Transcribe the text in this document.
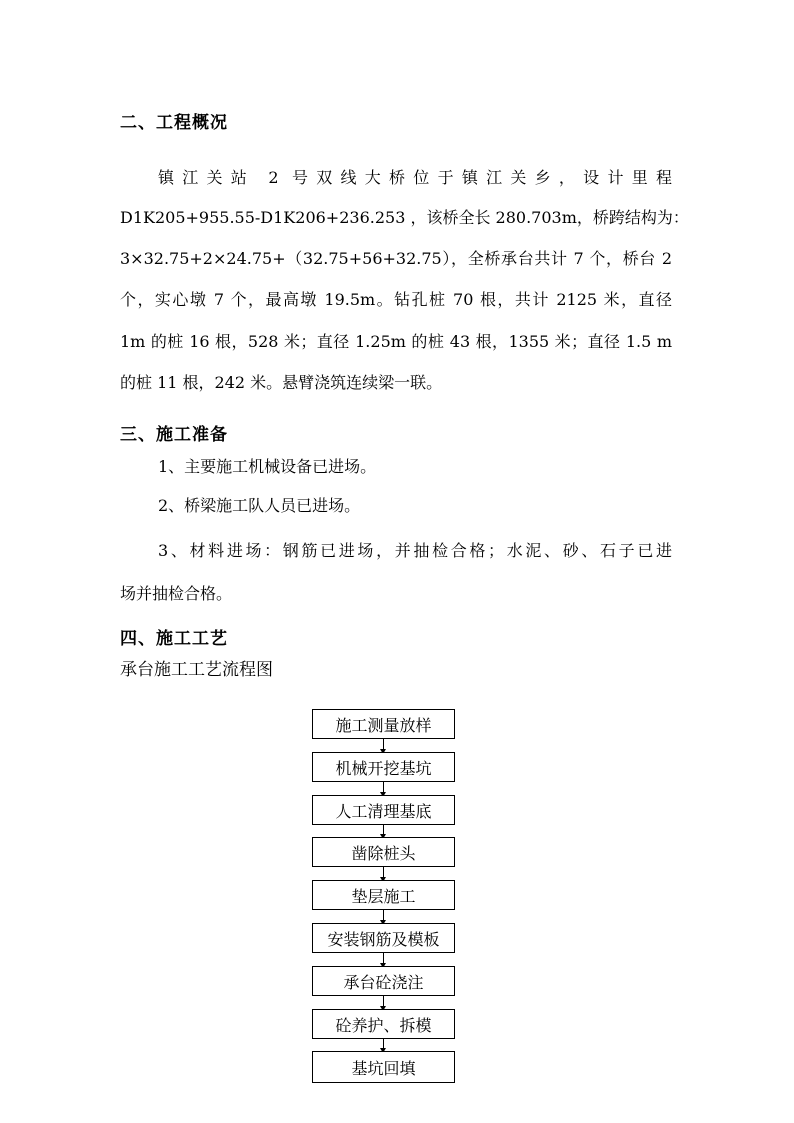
二、工程概况
镇江关站 2 号双线大桥位于镇江关乡，设计里程
D1K205+955.55-D1K206+236.253 ，该桥全长 280.703m，桥跨结构为：
3×32.75+2×24.75+（32.75+56+32.75），全桥承台共计 7 个，桥台 2
个，实心墩 7 个，最高墩 19.5m。钻孔桩 70 根，共计 2125 米，直径
1m 的桩 16 根，528 米；直径 1.25m 的桩 43 根，1355 米；直径 1.5 m
的桩 11 根，242 米。悬臂浇筑连续梁一联。
三、施工准备
1、主要施工机械设备已进场。
2、桥梁施工队人员已进场。
3、材料进场：钢筋已进场，并抽检合格；水泥、砂、石子已进
场并抽检合格。
四、施工工艺
承台施工工艺流程图
施工测量放样
机械开挖基坑
人工清理基底
凿除桩头
垫层施工
安装钢筋及模板
承台砼浇注
砼养护、拆模
基坑回填
